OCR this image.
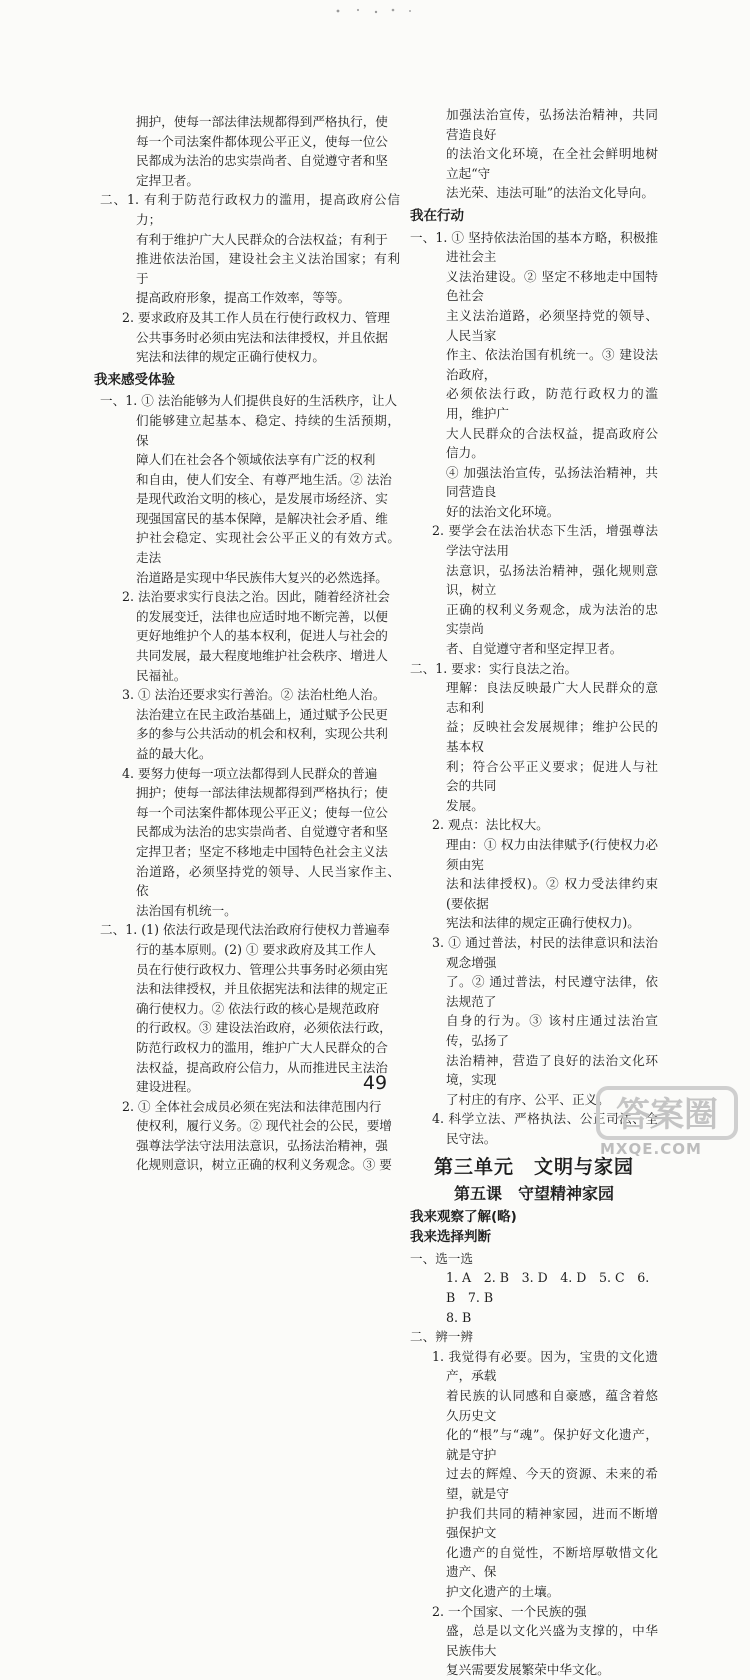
拥护，使每一部法律法规都得到严格执行，使

每一个司法案件都体现公平正义，使每一位公

民都成为法治的忠实崇尚者、自觉遵守者和坚

定捍卫者。

二、1. 有利于防范行政权力的滥用，提高政府公信力；

有利于维护广大人民群众的合法权益；有利于

推进依法治国，建设社会主义法治国家；有利于

提高政府形象，提高工作效率，等等。

2. 要求政府及其工作人员在行使行政权力、管理

公共事务时必须由宪法和法律授权，并且依据

宪法和法律的规定正确行使权力。

我来感受体验

一、1. ① 法治能够为人们提供良好的生活秩序，让人

们能够建立起基本、稳定、持续的生活预期，保

障人们在社会各个领域依法享有广泛的权利

和自由，使人们安全、有尊严地生活。② 法治

是现代政治文明的核心，是发展市场经济、实

现强国富民的基本保障，是解决社会矛盾、维

护社会稳定、实现社会公平正义的有效方式。走法

治道路是实现中华民族伟大复兴的必然选择。

2. 法治要求实行良法之治。因此，随着经济社会

的发展变迁，法律也应适时地不断完善，以便

更好地维护个人的基本权利，促进人与社会的

共同发展，最大程度地维护社会秩序、增进人

民福祉。

3. ① 法治还要求实行善治。② 法治杜绝人治。

法治建立在民主政治基础上，通过赋予公民更

多的参与公共活动的机会和权利，实现公共利

益的最大化。

4. 要努力使每一项立法都得到人民群众的普遍

拥护；使每一部法律法规都得到严格执行；使

每一个司法案件都体现公平正义；使每一位公

民都成为法治的忠实崇尚者、自觉遵守者和坚

定捍卫者；坚定不移地走中国特色社会主义法

治道路，必须坚持党的领导、人民当家作主、依

法治国有机统一。

二、1. (1) 依法行政是现代法治政府行使权力普遍奉

行的基本原则。(2) ① 要求政府及其工作人

员在行使行政权力、管理公共事务时必须由宪

法和法律授权，并且依据宪法和法律的规定正

确行使权力。② 依法行政的核心是规范政府

的行政权。③ 建设法治政府，必须依法行政，

防范行政权力的滥用，维护广大人民群众的合

法权益，提高政府公信力，从而推进民主法治

建设进程。

2. ① 全体社会成员必须在宪法和法律范围内行

使权利，履行义务。② 现代社会的公民，要增

强尊法学法守法用法意识，弘扬法治精神，强

化规则意识，树立正确的权利义务观念。③ 要

加强法治宣传，弘扬法治精神，共同营造良好

的法治文化环境，在全社会鲜明地树立起“守

法光荣、违法可耻”的法治文化导向。

我在行动

一、1. ① 坚持依法治国的基本方略，积极推进社会主

义法治建设。② 坚定不移地走中国特色社会

主义法治道路，必须坚持党的领导、人民当家

作主、依法治国有机统一。③ 建设法治政府，

必须依法行政，防范行政权力的滥用，维护广

大人民群众的合法权益，提高政府公信力。

④ 加强法治宣传，弘扬法治精神，共同营造良

好的法治文化环境。

2. 要学会在法治状态下生活，增强尊法学法守法用

法意识，弘扬法治精神，强化规则意识，树立

正确的权利义务观念，成为法治的忠实崇尚

者、自觉遵守者和坚定捍卫者。

二、1. 要求：实行良法之治。

理解：良法反映最广大人民群众的意志和利

益；反映社会发展规律；维护公民的基本权

利；符合公平正义要求；促进人与社会的共同

发展。

2. 观点：法比权大。

理由：① 权力由法律赋予(行使权力必须由宪

法和法律授权)。② 权力受法律约束(要依据

宪法和法律的规定正确行使权力)。

3. ① 通过普法，村民的法律意识和法治观念增强

了。② 通过普法，村民遵守法律，依法规范了

自身的行为。③ 该村庄通过法治宣传，弘扬了

法治精神，营造了良好的法治文化环境，实现

了村庄的有序、公平、正义。

4. 科学立法、严格执法、公正司法、全民守法。

第三单元　文明与家园
第五课　守望精神家园
我来观察了解(略)
我来选择判断

一、选一选

1. A　2. B　3. D　4. D　5. C　6. B　7. B

8. B

二、辨一辨

1. 我觉得有必要。因为，宝贵的文化遗产，承载

着民族的认同感和自豪感，蕴含着悠久历史文

化的“根”与“魂”。保护好文化遗产，就是守护

过去的辉煌、今天的资源、未来的希望，就是守

护我们共同的精神家园，进而不断增强保护文

化遗产的自觉性，不断培厚敬惜文化遗产、保

护文化遗产的土壤。

2. 一个国家、一个民族的强

盛，总是以文化兴盛为支撑的，中华民族伟大

复兴需要发展繁荣中华文化。

49
答案圈
MXQE.COM
